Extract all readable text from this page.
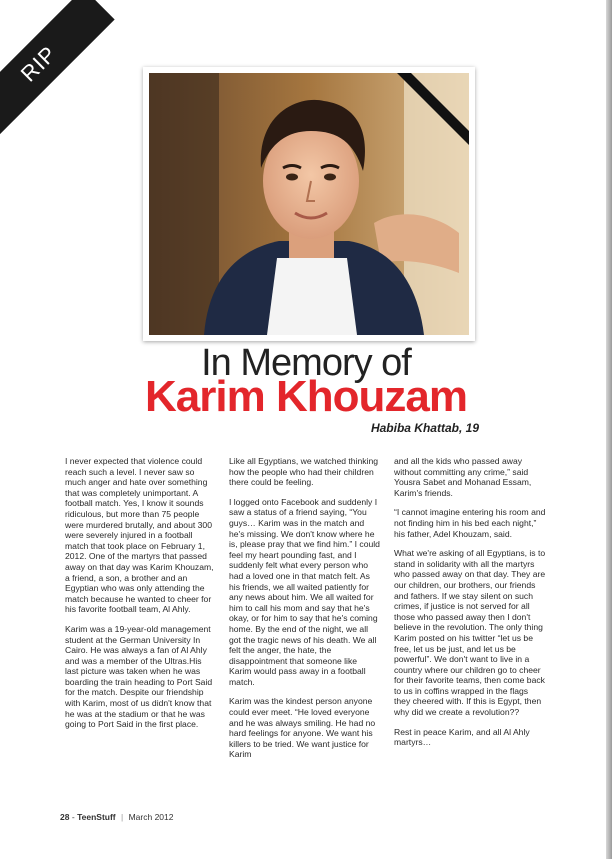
RIP
In Memory of
Karim Khouzam
Habiba Khattab, 19

I never expected that violence could reach such a level. I never saw so much anger and hate over something that was completely unimportant. A football match. Yes, I know it sounds ridiculous, but more than 75 people were murdered brutally, and about 300 were severely injured in a football match that took place on February 1, 2012. One of the martyrs that passed away on that day was Karim Khouzam, a friend, a son, a brother and an Egyptian who was only attending the match because he wanted to cheer for his favorite football team, Al Ahly.

Karim was a 19-year-old management student at the German University In Cairo. He was always a fan of Al Ahly and was a member of the Ultras.His last picture was taken when he was boarding the train heading to Port Said for the match. Despite our friendship with Karim, most of us didn't know that he was at the stadium or that he was going to Port Said in the first place.

Like all Egyptians, we watched thinking how the people who had their children there could be feeling.

I logged onto Facebook and suddenly I saw a status of a friend saying, “You guys… Karim was in the match and he's missing. We don't know where he is, please pray that we find him.” I could feel my heart pounding fast, and I suddenly felt what every person who had a loved one in that match felt. As his friends, we all waited patiently for any news about him. We all waited for him to call his mom and say that he's okay, or for him to say that he's coming home. By the end of the night, we all got the tragic news of his death. We all felt the anger, the hate, the disappointment that someone like Karim would pass away in a football match.

Karim was the kindest person anyone could ever meet. “He loved everyone and he was always smiling. He had no hard feelings for anyone. We want his killers to be tried. We want justice for Karim

and all the kids who passed away without committing any crime,” said Yousra Sabet and Mohanad Essam, Karim's friends.

“I cannot imagine entering his room and not finding him in his bed each night,” his father, Adel Khouzam, said.

What we're asking of all Egyptians, is to stand in solidarity with all the martyrs who passed away on that day. They are our children, our brothers, our friends and fathers. If we stay silent on such crimes, if justice is not served for all those who passed away then I don't believe in the revolution. The only thing Karim posted on his twitter “let us be free, let us be just, and let us be powerful”. We don't want to live in a country where our children go to cheer for their favorite teams, then come back to us in coffins wrapped in the flags they cheered with. If this is Egypt, then why did we create a revolution??

Rest in peace Karim, and all Al Ahly martyrs…

28 - TeenStuff | March 2012
